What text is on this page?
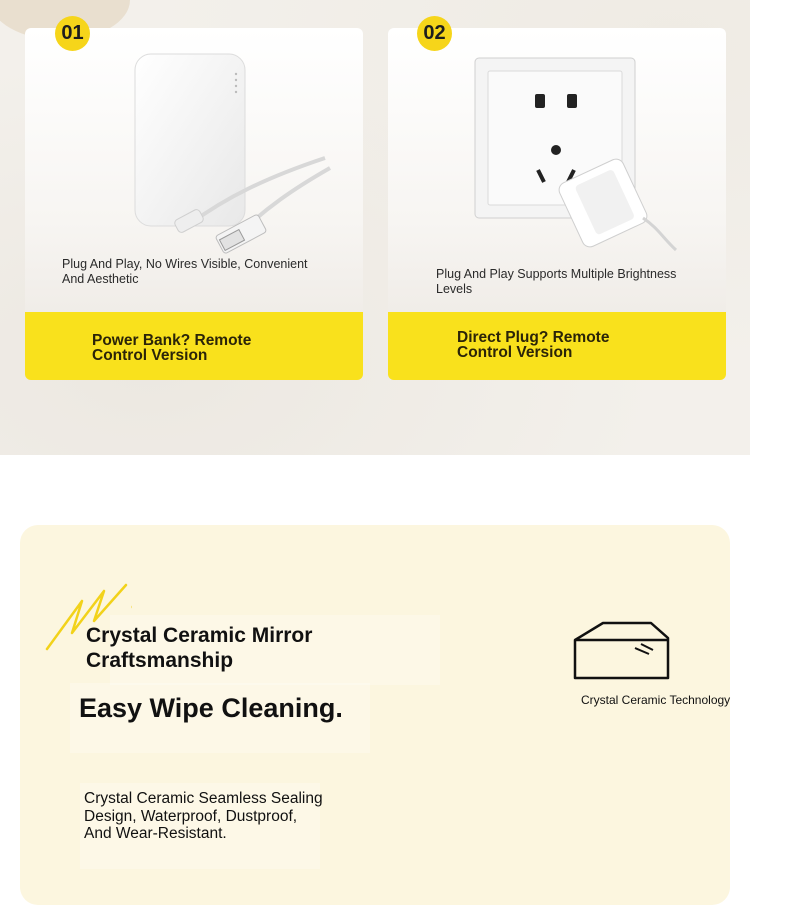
01
Plug And Play, No Wires Visible, Convenient And Aesthetic
Power Bank? Remote Control Version
02
Plug And Play Supports Multiple Brightness Levels
Direct Plug? Remote Control Version
Crystal Ceramic Mirror Craftsmanship
Easy Wipe Cleaning.
Crystal Ceramic Seamless Sealing Design, Waterproof, Dustproof, And Wear-Resistant.
Crystal Ceramic Technology
